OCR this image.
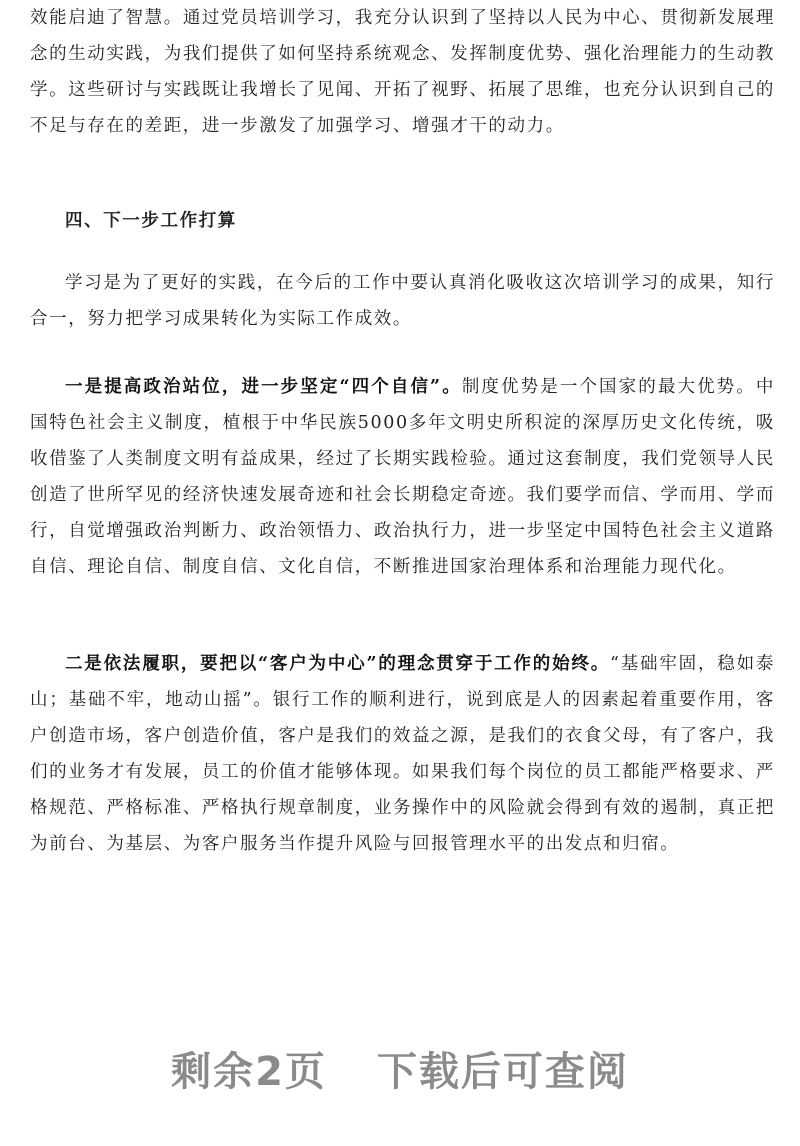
效能启迪了智慧。通过党员培训学习，我充分认识到了坚持以人民为中心、贯彻新发展理念的生动实践，为我们提供了如何坚持系统观念、发挥制度优势、强化治理能力的生动教学。这些研讨与实践既让我增长了见闻、开拓了视野、拓展了思维，也充分认识到自己的不足与存在的差距，进一步激发了加强学习、增强才干的动力。

四、下一步工作打算

学习是为了更好的实践，在今后的工作中要认真消化吸收这次培训学习的成果，知行合一，努力把学习成果转化为实际工作成效。

一是提高政治站位，进一步坚定“四个自信”。制度优势是一个国家的最大优势。中国特色社会主义制度，植根于中华民族5000多年文明史所积淀的深厚历史文化传统，吸收借鉴了人类制度文明有益成果，经过了长期实践检验。通过这套制度，我们党领导人民创造了世所罕见的经济快速发展奇迹和社会长期稳定奇迹。我们要学而信、学而用、学而行，自觉增强政治判断力、政治领悟力、政治执行力，进一步坚定中国特色社会主义道路自信、理论自信、制度自信、文化自信，不断推进国家治理体系和治理能力现代化。

二是依法履职，要把以“客户为中心”的理念贯穿于工作的始终。“基础牢固，稳如泰山；基础不牢，地动山摇”。银行工作的顺利进行，说到底是人的因素起着重要作用，客户创造市场，客户创造价值，客户是我们的效益之源，是我们的衣食父母，有了客户，我们的业务才有发展，员工的价值才能够体现。如果我们每个岗位的员工都能严格要求、严格规范、严格标准、严格执行规章制度，业务操作中的风险就会得到有效的遏制，真正把为前台、为基层、为客户服务当作提升风险与回报管理水平的出发点和归宿。

剩余2页 下载后可查阅
